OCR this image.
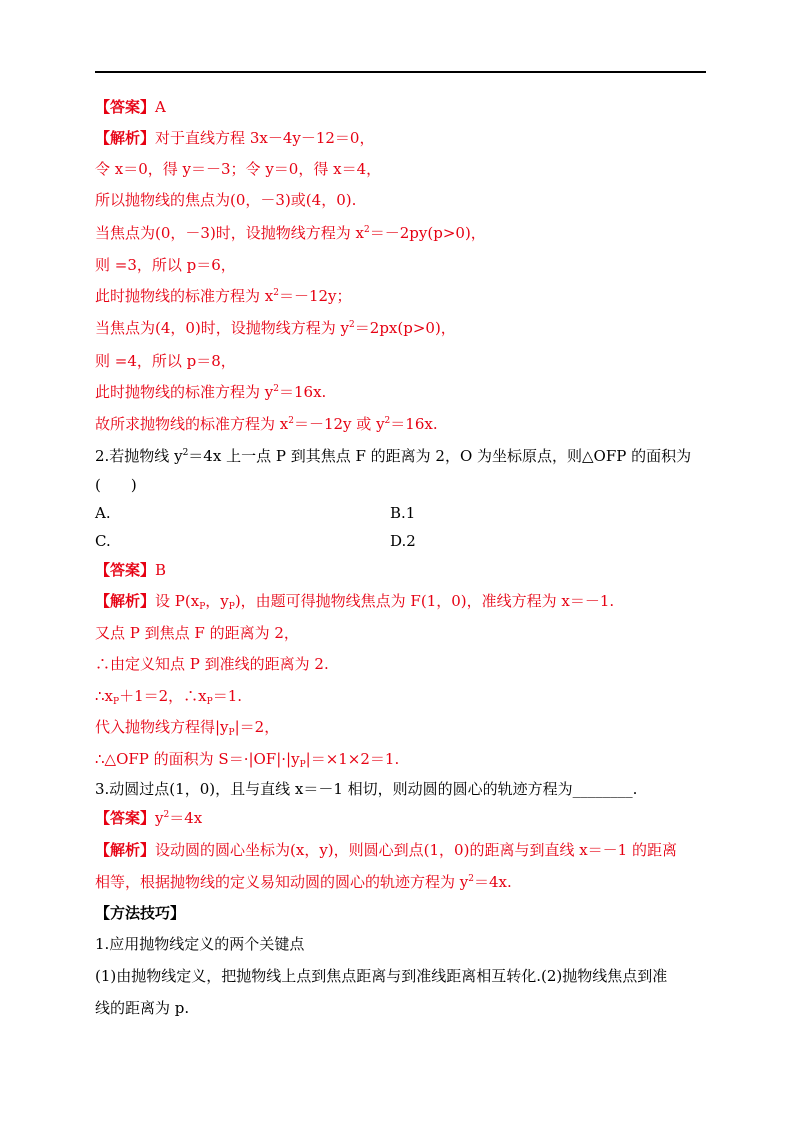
【答案】A
【解析】对于直线方程 3x－4y－12＝0，
令 x＝0，得 y＝－3；令 y＝0，得 x＝4，
所以抛物线的焦点为(0，－3)或(4，0).
当焦点为(0，－3)时，设抛物线方程为 $x^2=-2py(p>0)$，
则 =3，所以 p＝6，
此时抛物线的标准方程为 $x^2=-12y$；
当焦点为(4，0)时，设抛物线方程为 $y^2=2px(p>0)$，
则 =4，所以 p＝8，
此时抛物线的标准方程为 $y^2=16x$.
故所求抛物线的标准方程为 $x^2=-12y$ 或 $y^2=16x$.
2.若抛物线 $y^2=4x$ 上一点 P 到其焦点 F 的距离为 2，O 为坐标原点，则△OFP 的面积为
(　　)
A.	B.1
C.	D.2
【答案】B
【解析】设 $P(x_P$，$y_P$)，由题可得抛物线焦点为 F(1，0)，准线方程为 x＝－1.
又点 P 到焦点 F 的距离为 2，
∴由定义知点 P 到准线的距离为 2.
$\therefore x_P+1=2$，$\therefore x_P=1$.
代入抛物线方程得$|y_P|=2$，
∴△OFP 的面积为 $S=\cdot|OF|\cdot|y_P|=\times 1\times 2=1$.
3.动圆过点(1，0)，且与直线 x＝－1 相切，则动圆的圆心的轨迹方程为________.
【答案】$y^2=4x$
【解析】设动圆的圆心坐标为(x，y)，则圆心到点(1，0)的距离与到直线 x＝－1 的距离
相等，根据抛物线的定义易知动圆的圆心的轨迹方程为 $y^2=4x$.
【方法技巧】
1.应用抛物线定义的两个关键点
(1)由抛物线定义，把抛物线上点到焦点距离与到准线距离相互转化.(2)抛物线焦点到准
线的距离为 p.
